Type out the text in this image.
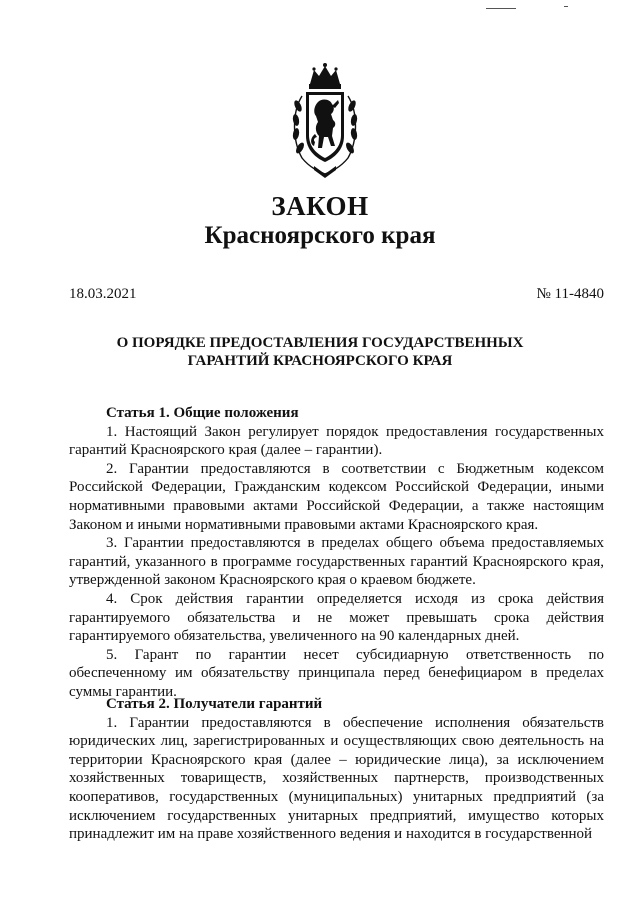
ЗАКОН
Красноярского края
18.03.2021	№ 11-4840
О ПОРЯДКЕ ПРЕДОСТАВЛЕНИЯ ГОСУДАРСТВЕННЫХ
ГАРАНТИЙ КРАСНОЯРСКОГО КРАЯ

Статья 1. Общие положения

1. Настоящий Закон регулирует порядок предоставления государственных гарантий Красноярского края (далее – гарантии).

2. Гарантии предоставляются в соответствии с Бюджетным кодексом Российской Федерации, Гражданским кодексом Российской Федерации, иными нормативными правовыми актами Российской Федерации, а также настоящим Законом и иными нормативными правовыми актами Красноярского края.

3. Гарантии предоставляются в пределах общего объема предоставляемых гарантий, указанного в программе государственных гарантий Красноярского края, утвержденной законом Красноярского края о краевом бюджете.

4. Срок действия гарантии определяется исходя из срока действия гарантируемого обязательства и не может превышать срока действия гарантируемого обязательства, увеличенного на 90 календарных дней.

5. Гарант по гарантии несет субсидиарную ответственность по обеспеченному им обязательству принципала перед бенефициаром в пределах суммы гарантии.

Статья 2. Получатели гарантий

1. Гарантии предоставляются в обеспечение исполнения обязательств юридических лиц, зарегистрированных и осуществляющих свою деятельность на территории Красноярского края (далее – юридические лица), за исключением хозяйственных товариществ, хозяйственных партнерств, производственных кооперативов, государственных (муниципальных) унитарных предприятий (за исключением государственных унитарных предприятий, имущество которых принадлежит им на праве хозяйственного ведения и находится в государственной
